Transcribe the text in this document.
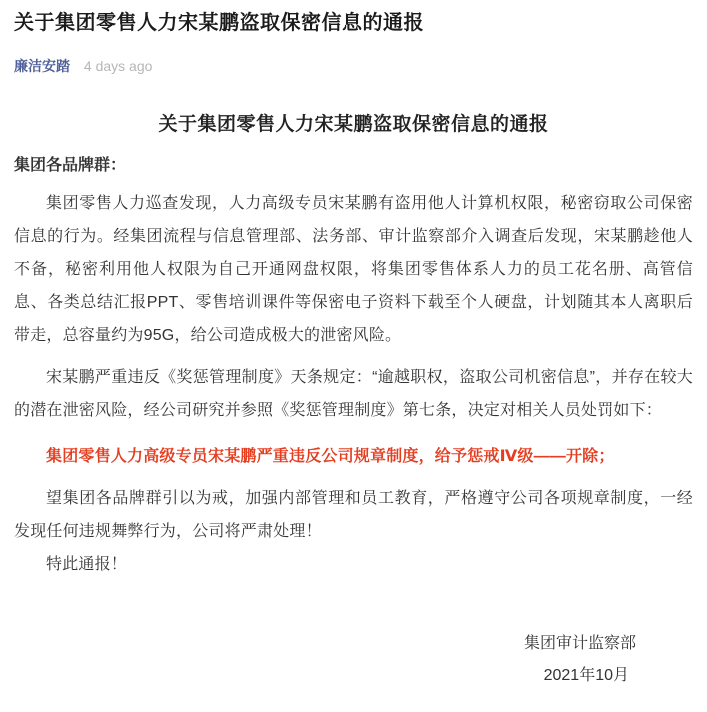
关于集团零售人力宋某鹏盗取保密信息的通报
廉洁安踏 4 days ago
关于集团零售人力宋某鹏盗取保密信息的通报

集团各品牌群：

集团零售人力巡查发现，人力高级专员宋某鹏有盗用他人计算机权限，秘密窃取公司保密信息的行为。经集团流程与信息管理部、法务部、审计监察部介入调查后发现，宋某鹏趁他人不备，秘密利用他人权限为自己开通网盘权限，将集团零售体系人力的员工花名册、高管信息、各类总结汇报PPT、零售培训课件等保密电子资料下载至个人硬盘，计划随其本人离职后带走，总容量约为95G，给公司造成极大的泄密风险。

宋某鹏严重违反《奖惩管理制度》天条规定：“逾越职权，盗取公司机密信息”，并存在较大的潜在泄密风险，经公司研究并参照《奖惩管理制度》第七条，决定对相关人员处罚如下：

集团零售人力高级专员宋某鹏严重违反公司规章制度，给予惩戒Ⅳ级——开除；

望集团各品牌群引以为戒，加强内部管理和员工教育，严格遵守公司各项规章制度，一经发现任何违规舞弊行为，公司将严肃处理！

特此通报！

集团审计监察部

2021年10月
